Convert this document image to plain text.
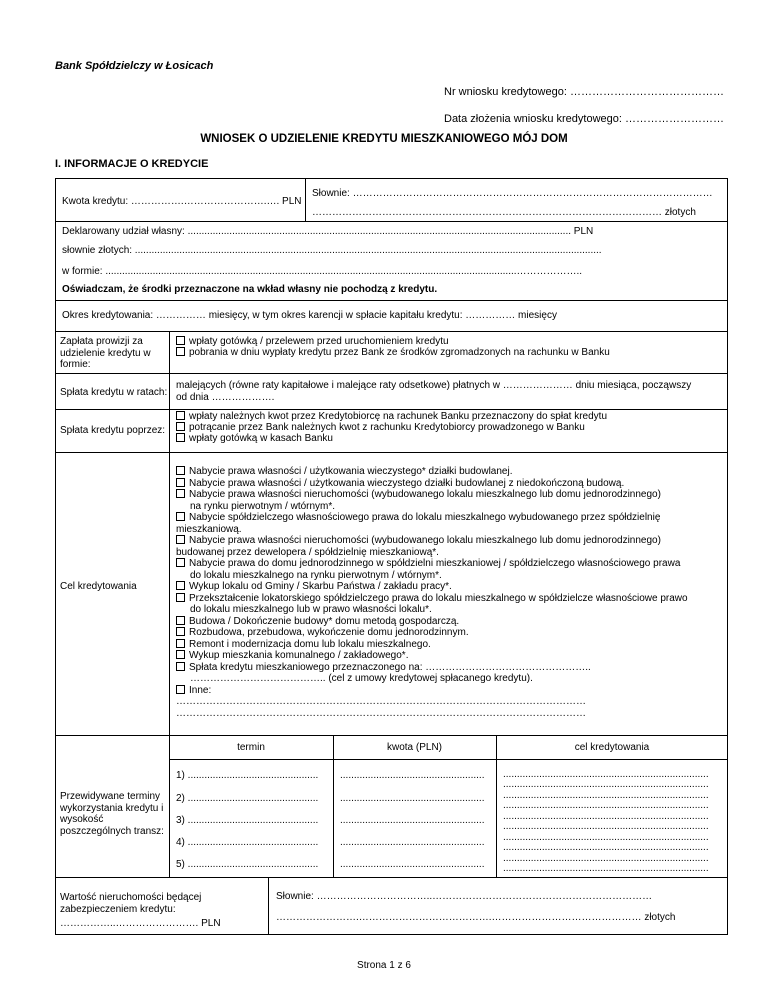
Bank Spółdzielczy w Łosicach
Nr wniosku kredytowego: ……………………………………
Data złożenia wniosku kredytowego: ………………………
WNIOSEK O UDZIELENIE KREDYTU MIESZKANIOWEGO MÓJ DOM
I. INFORMACJE O KREDYCIE
Kwota kredytu: …………….…………………….…. PLN
Słownie: ………………………………………………………………………………………………
…………………………………………………………………………………………… złotych
Deklarowany udział własny: .......................................................................................................................................... PLN
słownie złotych: ........................................................................................................................................................................
w formie: ....................................................................................................................................................………………..
Oświadczam, że środki przeznaczone na wkład własny nie pochodzą z kredytu.
Okres kredytowania: …………… miesięcy, w tym okres karencji w spłacie kapitału kredytu: …………… miesięcy
Zapłata prowizji za udzielenie kredytu w formie:
wpłaty gotówką / przelewem przed uruchomieniem kredytu
pobrania w dniu wypłaty kredytu przez Bank ze środków zgromadzonych na rachunku w Banku
Spłata kredytu w ratach:
malejących (równe raty kapitałowe i malejące raty odsetkowe) płatnych w ………………… dniu miesiąca, począwszy
od dnia ……………….
Spłata kredytu poprzez:
wpłaty należnych kwot przez Kredytobiorcę na rachunek Banku przeznaczony do spłat kredytu
potrącanie przez Bank należnych kwot z rachunku Kredytobiorcy prowadzonego w Banku
wpłaty gotówką w kasach Banku
Cel kredytowania
Nabycie prawa własności / użytkowania wieczystego* działki budowlanej.
Nabycie prawa własności / użytkowania wieczystego działki budowlanej z niedokończoną budową.
Nabycie prawa własności nieruchomości (wybudowanego lokalu mieszkalnego lub domu jednorodzinnego)
na rynku pierwotnym / wtórnym*.
Nabycie spółdzielczego własnościowego prawa do lokalu mieszkalnego wybudowanego przez spółdzielnię
mieszkaniową.
Nabycie prawa własności nieruchomości (wybudowanego lokalu mieszkalnego lub domu jednorodzinnego)
budowanej przez dewelopera / spółdzielnię mieszkaniową*.
Nabycie prawa do domu jednorodzinnego w spółdzielni mieszkaniowej / spółdzielczego własnościowego prawa
do lokalu mieszkalnego na rynku pierwotnym / wtórnym*.
Wykup lokalu od Gminy / Skarbu Państwa / zakładu pracy*.
Przekształcenie lokatorskiego spółdzielczego prawa do lokalu mieszkalnego w spółdzielcze własnościowe prawo
do lokalu mieszkalnego lub w prawo własności lokalu*.
Budowa / Dokończenie budowy* domu metodą gospodarczą.
Rozbudowa, przebudowa, wykończenie domu jednorodzinnym.
Remont i modernizacja domu lub lokalu mieszkalnego.
Wykup mieszkania komunalnego / zakładowego*.
Spłata kredytu mieszkaniowego przeznaczonego na: …………………………………………..
………………………………….. (cel z umowy kredytowej spłacanego kredytu).
Inne:
……………………………………………………………………………………………………………
……………………………………………………………………………………………………………
Przewidywane terminy wykorzystania kredytu i wysokość poszczególnych transz:
termin	kwota (PLN)	cel kredytowania
1) ...............................................
2) ...............................................
3) ...............................................
4) ...............................................
5) ...............................................
....................................................
....................................................
....................................................
....................................................
....................................................
..........................................................................
..........................................................................
..........................................................................
..........................................................................
..........................................................................
..........................................................................
..........................................................................
..........................................................................
..........................................................................
..........................................................................
Wartość nieruchomości będącej zabezpieczeniem kredytu:
……………..……………………. PLN
Słownie: ……………………………..…………………………………………………………
…………………….………………………………….……………………………………… złotych
Strona 1 z 6
